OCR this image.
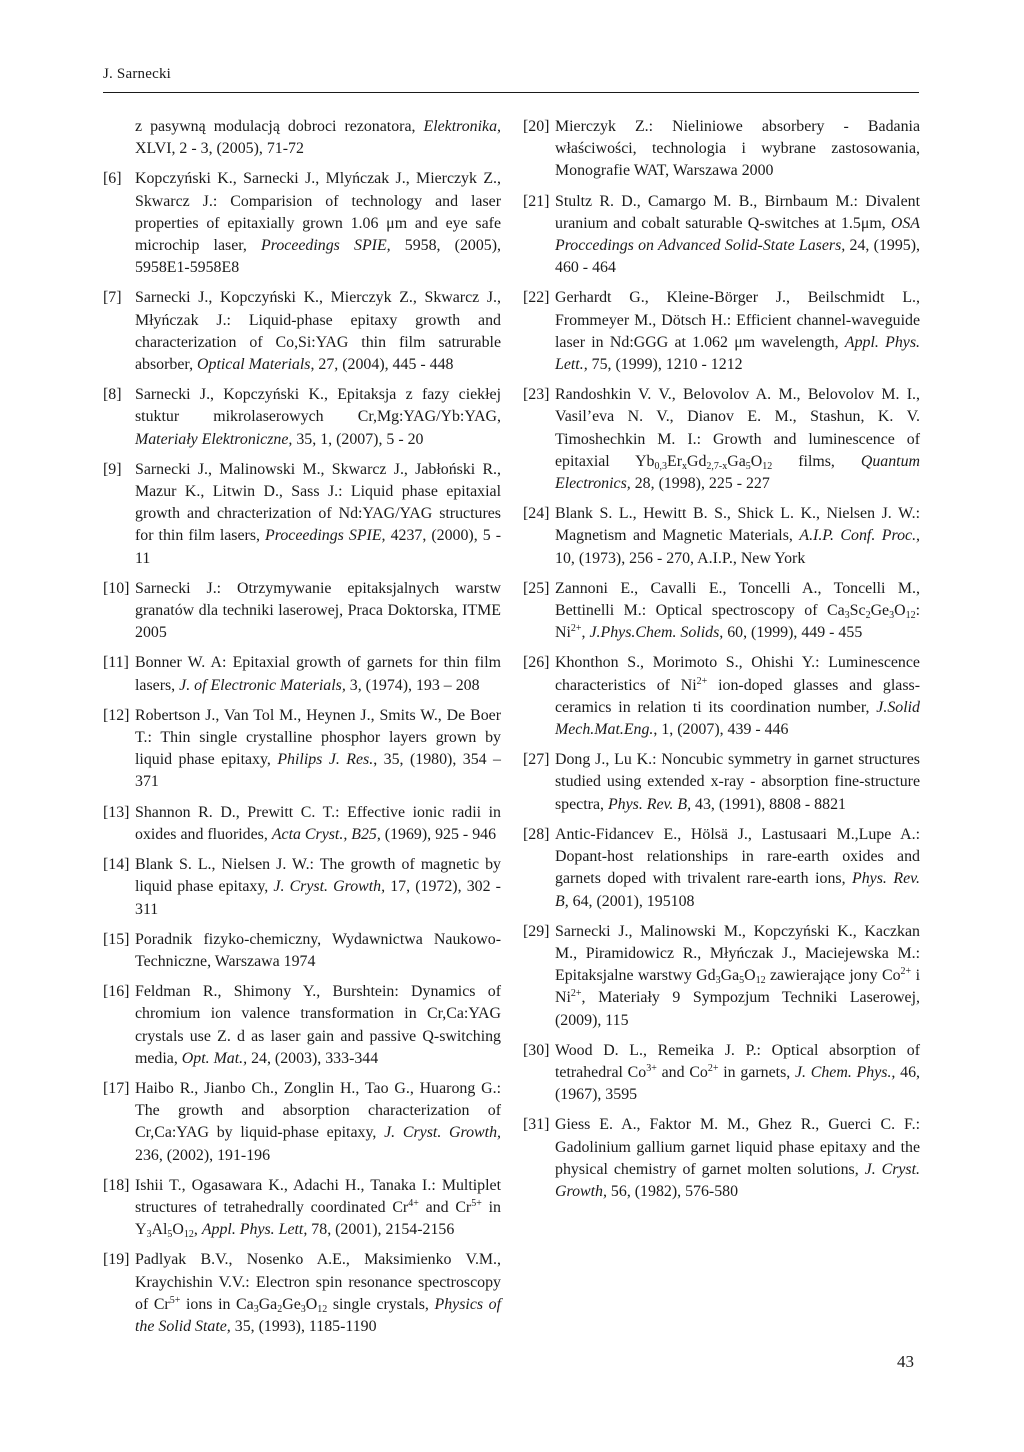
J. Sarnecki
z pasywną modulacją dobroci rezonatora, Elektronika, XLVI, 2 - 3, (2005), 71-72
[6] Kopczyński K., Sarnecki J., Mlyńczak J., Mierczyk Z., Skwarcz J.: Comparision of technology and laser properties of epitaxially grown 1.06 μm and eye safe microchip laser, Proceedings SPIE, 5958, (2005), 5958E1-5958E8
[7] Sarnecki J., Kopczyński K., Mierczyk Z., Skwarcz J., Młyńczak J.: Liquid-phase epitaxy growth and characterization of Co,Si:YAG thin film satrurable absorber, Optical Materials, 27, (2004), 445 - 448
[8] Sarnecki J., Kopczyński K., Epitaksja z fazy ciekłej stuktur mikrolaserowych Cr,Mg:YAG/Yb:YAG, Materiały Elektroniczne, 35, 1, (2007), 5 - 20
[9] Sarnecki J., Malinowski M., Skwarcz J., Jabłoński R., Mazur K., Litwin D., Sass J.: Liquid phase epitaxial growth and chracterization of Nd:YAG/YAG structures for thin film lasers, Proceedings SPIE, 4237, (2000), 5 - 11
[10] Sarnecki J.: Otrzymywanie epitaksjalnych warstw granatów dla techniki laserowej, Praca Doktorska, ITME 2005
[11] Bonner W. A: Epitaxial growth of garnets for thin film lasers, J. of Electronic Materials, 3, (1974), 193 – 208
[12] Robertson J., Van Tol M., Heynen J., Smits W., De Boer T.: Thin single crystalline phosphor layers grown by liquid phase epitaxy, Philips J. Res., 35, (1980), 354 – 371
[13] Shannon R. D., Prewitt C. T.: Effective ionic radii in oxides and fluorides, Acta Cryst., B25, (1969), 925 - 946
[14] Blank S. L., Nielsen J. W.: The growth of magnetic by liquid phase epitaxy, J. Cryst. Growth, 17, (1972), 302 - 311
[15] Poradnik fizyko-chemiczny, Wydawnictwa Naukowo-Techniczne, Warszawa 1974
[16] Feldman R., Shimony Y., Burshtein: Dynamics of chromium ion valence transformation in Cr,Ca:YAG crystals use Z. d as laser gain and passive Q-switching media, Opt. Mat., 24, (2003), 333-344
[17] Haibo R., Jianbo Ch., Zonglin H., Tao G., Huarong G.: The growth and absorption characterization of Cr,Ca:YAG by liquid-phase epitaxy, J. Cryst. Growth, 236, (2002), 191-196
[18] Ishii T., Ogasawara K., Adachi H., Tanaka I.: Multiplet structures of tetrahedrally coordinated $Cr^{4+}$ and $Cr^{5+}$ in $Y_3Al_5O_{12}$, Appl. Phys. Lett, 78, (2001), 2154-2156
[19] Padlyak B.V., Nosenko A.E., Maksimienko V.M., Kraychishin V.V.: Electron spin resonance spectroscopy of $Cr^{5+}$ ions in $Ca_3Ga_2Ge_3O_{12}$ single crystals, Physics of the Solid State, 35, (1993), 1185-1190
[20] Mierczyk Z.: Nieliniowe absorbery - Badania właściwości, technologia i wybrane zastosowania, Monografie WAT, Warszawa 2000
[21] Stultz R. D., Camargo M. B., Birnbaum M.: Divalent uranium and cobalt saturable Q-switches at 1.5μm, OSA Proccedings on Advanced Solid-State Lasers, 24, (1995), 460 - 464
[22] Gerhardt G., Kleine-Börger J., Beilschmidt L., Frommeyer M., Dötsch H.: Efficient channel-waveguide laser in Nd:GGG at 1.062 μm wavelength, Appl. Phys. Lett., 75, (1999), 1210 - 1212
[23] Randoshkin V. V., Belovolov A. M., Belovolov M. I., Vasil’eva N. V., Dianov E. M., Stashun, K. V. Timoshechkin M. I.: Growth and luminescence of epitaxial $Yb_{0,3}Er_xGd_{2,7-x}Ga_5O_{12}$ films, Quantum Electronics, 28, (1998), 225 - 227
[24] Blank S. L., Hewitt B. S., Shick L. K., Nielsen J. W.: Magnetism and Magnetic Materials, A.I.P. Conf. Proc., 10, (1973), 256 - 270, A.I.P., New York
[25] Zannoni E., Cavalli E., Toncelli A., Toncelli M., Bettinelli M.: Optical spectroscopy of $Ca_3Sc_2Ge_3O_{12}$: $Ni^{2+}$, J.Phys.Chem. Solids, 60, (1999), 449 - 455
[26] Khonthon S., Morimoto S., Ohishi Y.: Luminescence characteristics of $Ni^{2+}$ ion-doped glasses and glass-ceramics in relation ti its coordination number, J.Solid Mech.Mat.Eng., 1, (2007), 439 - 446
[27] Dong J., Lu K.: Noncubic symmetry in garnet structures studied using extended x-ray - absorption fine-structure spectra, Phys. Rev. B, 43, (1991), 8808 - 8821
[28] Antic-Fidancev E., Hölsä J., Lastusaari M.,Lupe A.: Dopant-host relationships in rare-earth oxides and garnets doped with trivalent rare-earth ions, Phys. Rev. B, 64, (2001), 195108
[29] Sarnecki J., Malinowski M., Kopczyński K., Kaczkan M., Piramidowicz R., Młyńczak J., Maciejewska M.: Epitaksjalne warstwy $Gd_3Ga_5O_{12}$ zawierające jony $Co^{2+}$ i $Ni^{2+}$, Materiały 9 Sympozjum Techniki Laserowej, (2009), 115
[30] Wood D. L., Remeika J. P.: Optical absorption of tetrahedral $Co^{3+}$ and $Co^{2+}$ in garnets, J. Chem. Phys., 46, (1967), 3595
[31] Giess E. A., Faktor M. M., Ghez R., Guerci C. F.: Gadolinium gallium garnet liquid phase epitaxy and the physical chemistry of garnet molten solutions, J. Cryst. Growth, 56, (1982), 576-580
43
